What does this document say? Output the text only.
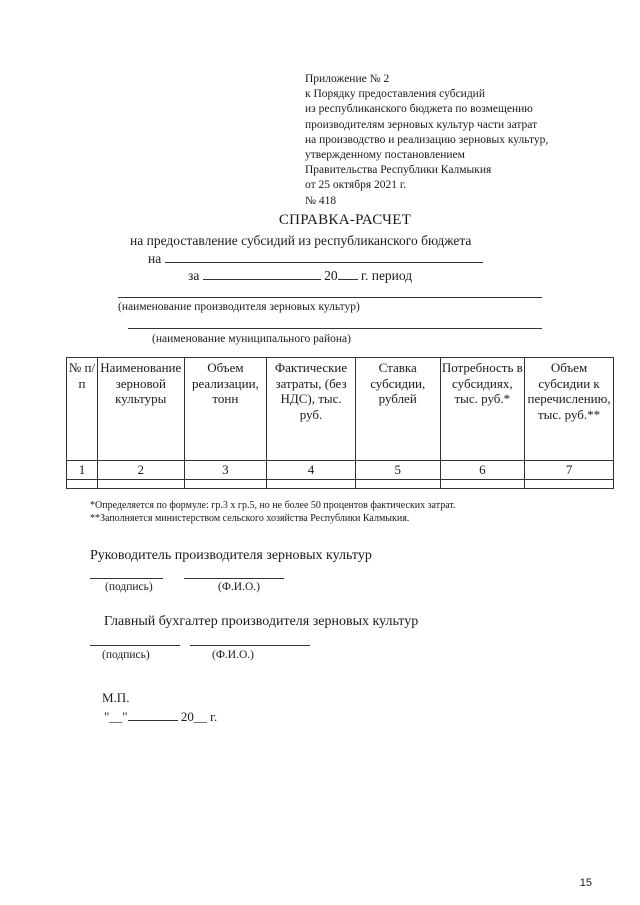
Приложение № 2
к Порядку предоставления субсидий
из республиканского бюджета по возмещению
производителям зерновых культур части затрат
на производство и реализацию зерновых культур,
утвержденному постановлением
Правительства Республики Калмыкия
от 25 октября 2021 г.
№ 418
СПРАВКА-РАСЧЕТ
на предоставление субсидий из республиканского бюджета
на
за	20 г. период
(наименование производителя зерновых культур)
(наименование муниципального района)
№ п/п	Наименование зерновой культуры	Объем реализации, тонн	Фактические затраты, (без НДС), тыс. руб.	Ставка субсидии, рублей	Потребность в субсидиях, тыс. руб.*	Объем субсидии к перечислению, тыс. руб.**
1	2	3	4	5	6	7

*Определяется по формуле: гр.3 х гр.5, но не более 50 процентов фактических затрат.
**Заполняется министерством сельского хозяйства Республики Калмыкия.
Руководитель производителя зерновых культур
(подпись)	(Ф.И.О.)
Главный бухгалтер производителя зерновых культур
(подпись)	(Ф.И.О.)
М.П.
"__"	20__ г.
15
